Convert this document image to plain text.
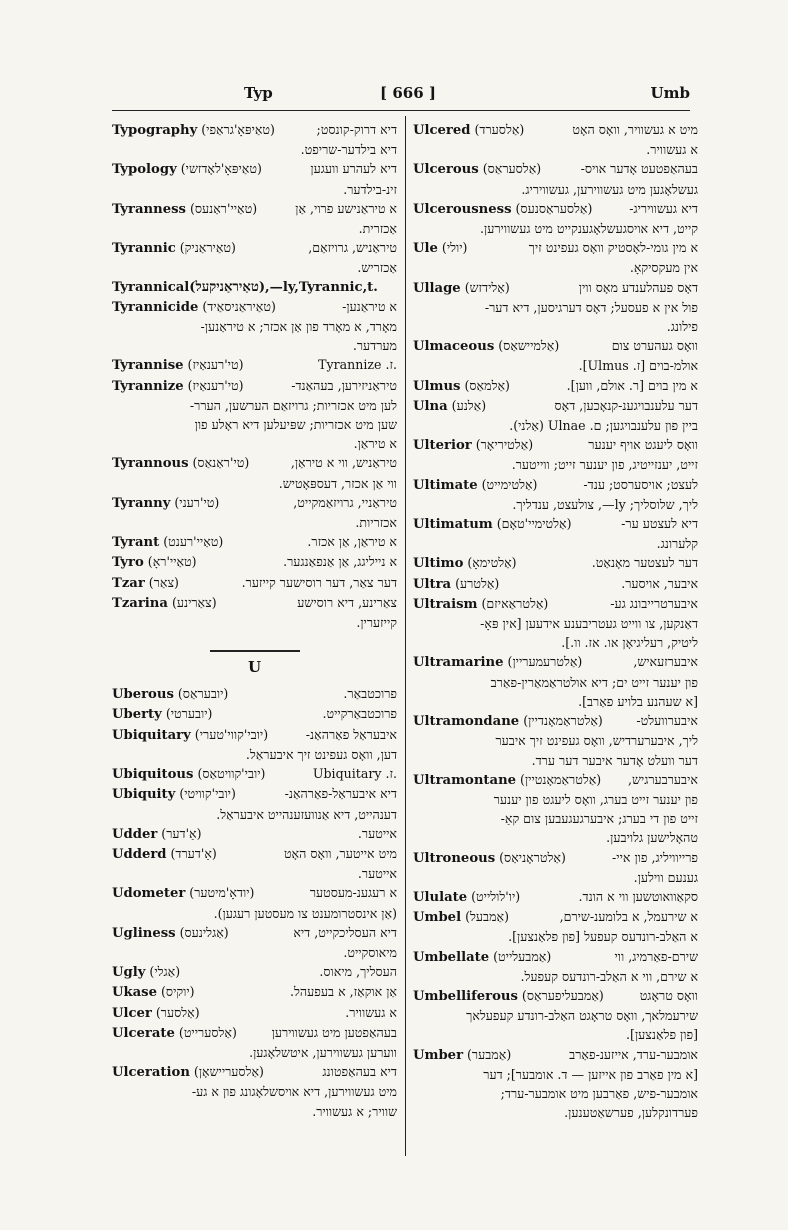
Typ	[ 666 ]	Umb
Typography (טאַיפּאָ'גראַפי)	דיא דרוק-קונסט;
דיא בילדער-שריפט.
Typology (טאַיפּאָ'לאָדזשי)	דיא לעהרע וועגען
זינ-בילדער.
Tyranness (טאַיי'ראַנעס)	א טיראַנישע פרוי, אַן
אַכזרית.
Tyrannic (טאַיראַניק)	טיראַניש, גרויזאַם,
אַכזריש.
Tyrannical(טאַיראַניקעל),—ly,Tyrannic,t.
Tyrannicide (טאַיראַניסאַיד)	א טיראַנען-
מאָרד, א מאָרד פון אַן אכזר; א טיראַנען-
מערדער.
Tyrannise (טי'רענאַיז)	.ז. Tyrannize
Tyrannize (טי'רענאַיז)	טיראַניזירען, בעהאַנד-
לען מיט אכזריות; גרויזאַם הערשען, הערר-
שען מיט אכזריות; שפּיעלען דיא ראָלע פון
א טיראַן.
Tyrannous (טי'ראַנאַס)	טיראַניש, ווי א טיראַן,
ווי אַן אכזר, דעספּאָטיש.
Tyranny (טי'רעני)	טיראַניי, גרויזאַמקייט,
אכזריות.
Tyrant (טאַיי'רענט)	א טיראַן, אַן אכזר.
Tyro (טאַיי'ראָ)	א נייליגג, אַן אַנפאַנגער.
Tzar (צאַר)	דער צאַר, דער רוסישער קייזער.
Tzarina (צאַרינע)	צאַרינע, דיא רוסישע
קייזערין.
U
Uberous (יובעראַס)	פרוכטבאַר.
Uberty (יובערטי)	פרוכטבאַרקייט.
Ubiquitary (יובי'קווי'טערי)	איבעראַל פאַרהאַנ-
דען, וואָס געפינט זיך איבעראַל.
Ubiquitous (יובי'קוויטאַס)	.ז. Ubiquitary
Ubiquity (יובי'קוויטי)	דיא איבעראַל-פאַרהאַנ-
דענהייט, דיא אַנוועזענהייט איבעראַל.
Udder (אַ'דער)	אייטער.
Udderd (אַ'דערד)	מיט אייטער, וואָס האָט
אייטער.
Udometer (יודאָ'מיטער)	א רעגענ-מעסטער
(אַן אינסטרומענט צו מעסטען רעגען).
Ugliness (אַגלינעס)	דיא העסליכקייט, דיא
מיאוסקייט.
Ugly (אַגלי)	העסליך, מיאוס.
Ukase (יוקיס)	אַן אוקאַז, א בעפעהל.
Ulcer (אַלסער)	א געשוויר.
Ulcerate (אַלסערייט)	בעהאַפטען מיט געשווירען
ווערען געשווירען, איטשלאָגען.
Ulceration (אַלסעריישאָן)	דיא בעהאַפטונג
מיט געשווירען, דיא אויסשלאָגונג פון א גע-
שוויר; א געשוויר.
Ulcered (אַלסערד)	מיט א געשוויר, וואָס האָט
א געשוויר.
Ulcerous (אַלסעראַס)	בעהאַפטעט אָדער אויס-
געשלאָגען מיט געשווירען, געשוויריג.
Ulcerousness (אַלסעראַסנעס)	דיא געשוויריג-
קייט, דיא אויסגעשלאָגענקייט מיט געשווירען.
Ule (יולי)	א מין גומי-לאָסטיק וואָס געפינט זיך
אין מעקסיקאָ.
Ullage (אַלידזש)	דאָס פעהלענדע מאָס ווין
פול אין א פעסעל; דאָס דערגיסען, דיא דער-
פילונג.
Ulmaceous (אַלמיישאַס)	וואָס געהערט צום
אולמ-בוים [ז. Ulmus].
Ulmus (אַלמאַס)	א מין בוים [ר. אולם, ווען].
Ulna (אַלנע)	דער עלענבויגענ-קנאָכען, דאָס
ביין פון עלענבויגען; ם. Ulnae (אַלני).
Ulterior (אַלטיריאָר)	וואָס ליעגט אויף יענער
זייט, יענזייטיג, פון יענער זייט; ווייטער.
Ultimate (אַלטימייט)	לעצט; אויסערסט; ענד-
ליך, שלוסליך; ly—, צולעצט, ענדליך.
Ultimatum (אַלטימיי'טאָם)	דיא לעצטע ער-
קלערונג.
Ultimo (אַלטימאָ)	דער לעצטער מאָנאַט.
Ultra (אַלטרע)	איבער, אויסער.
Ultraism (אַלטראַאיזם)	איבערטרייבונג גע-
דאַנקען, צו ווייט געטריבענע אידעען [אין פּאָ-
ליטיק, רעליגיאָן או. אז. וו.].
Ultramarine (אַלטרעמעריין)	איבערזעאיש,
פון יענער זייט ים; דיא אולטראַמאַרין-פאַרב
[א שעהנע בלויע פאַרב].
Ultramondane (אַלטראַמאָנדיין)	איבערוועלט-
ליך, איבערערדיש, וואָס געפינט זיך איבער
דער וועלט אָדער איבער דער ערד.
Ultramontane (אַלטראַמאָנטיין)	איבערבערגיש,
פון יענער זייט בערג, וואָס ליעגט פון יענער
זייט פון די בערג; איבערגעגעבען צום קאַ-
טהאָלישען גלויבען.
Ultroneous (אַלטראָניאַס)	פרייוויליג, פון איי-
גענעם ווילען.
Ululate (יו'לולייט)	סקאַוואוטשען ווי א הונד.
Umbel (אַמבעל)	א שירעמל, א בלומענ-שירם,
א האַלב-רונדעס קעפעל [פון פלאַנצען].
Umbellate (אַמבעלייט)	שירם-פאַרמיג, ווי
א שירם, ווי א האַלב-רונדעס קעפעל.
Umbelliferous (אַמבעליפעראַס)	וואָס טראָגט
שירעמלאך, וואָס טראָגט האַלב-רונדע קעפעלאך
[פון פלאַנצען].
Umber (אַמבער)	אומבער-ערד, אייזענ-פאַרב
[א מין פאַרב פון אייזען — ד. אומבער]; דער
אומבער-פיש, פאַרבען מיט אומבער-ערד;
פערדונקלען, פערשאַטענען.
